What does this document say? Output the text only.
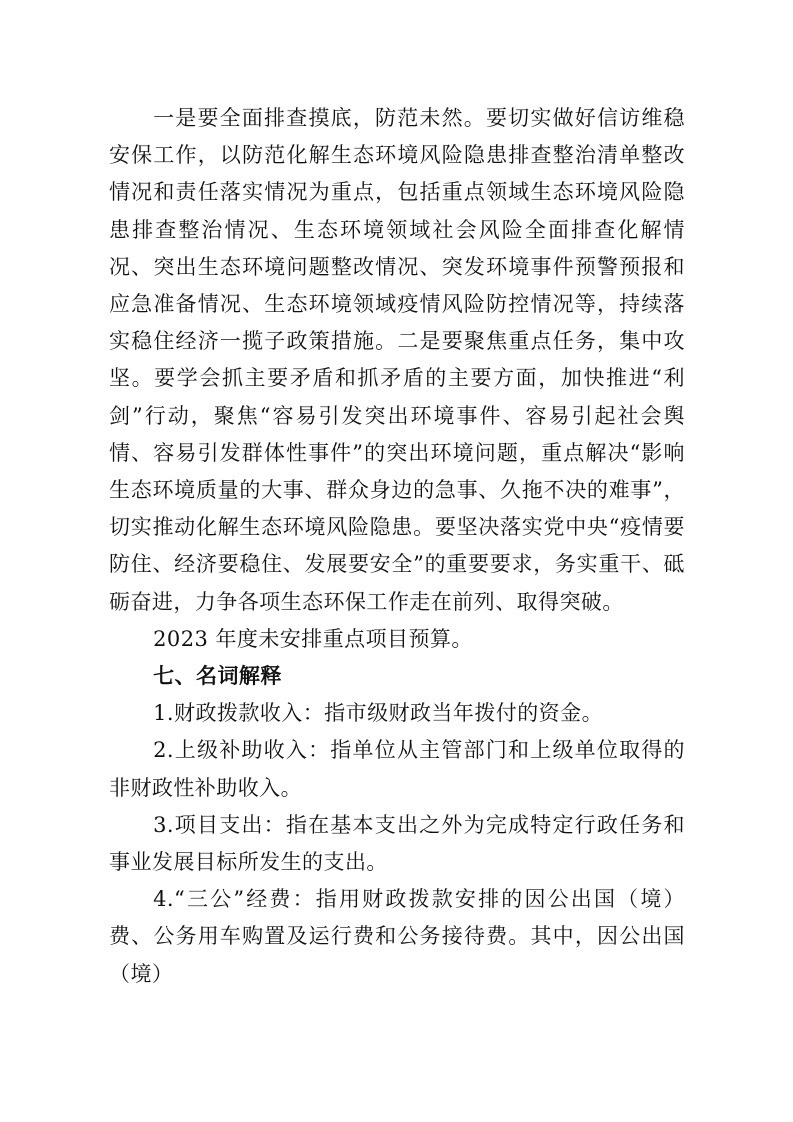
一是要全面排查摸底，防范未然。要切实做好信访维稳安保工作，以防范化解生态环境风险隐患排查整治清单整改情况和责任落实情况为重点，包括重点领域生态环境风险隐患排查整治情况、生态环境领域社会风险全面排查化解情况、突出生态环境问题整改情况、突发环境事件预警预报和应急准备情况、生态环境领域疫情风险防控情况等，持续落实稳住经济一揽子政策措施。二是要聚焦重点任务，集中攻坚。要学会抓主要矛盾和抓矛盾的主要方面，加快推进“利剑”行动，聚焦“容易引发突出环境事件、容易引起社会舆情、容易引发群体性事件”的突出环境问题，重点解决“影响生态环境质量的大事、群众身边的急事、久拖不决的难事”，切实推动化解生态环境风险隐患。要坚决落实党中央“疫情要防住、经济要稳住、发展要安全”的重要要求，务实重干、砥砺奋进，力争各项生态环保工作走在前列、取得突破。

2023 年度未安排重点项目预算。

七、名词解释

1.财政拨款收入：指市级财政当年拨付的资金。

2.上级补助收入：指单位从主管部门和上级单位取得的非财政性补助收入。

3.项目支出：指在基本支出之外为完成特定行政任务和事业发展目标所发生的支出。

4.“三公”经费：指用财政拨款安排的因公出国（境）费、公务用车购置及运行费和公务接待费。其中，因公出国（境）
